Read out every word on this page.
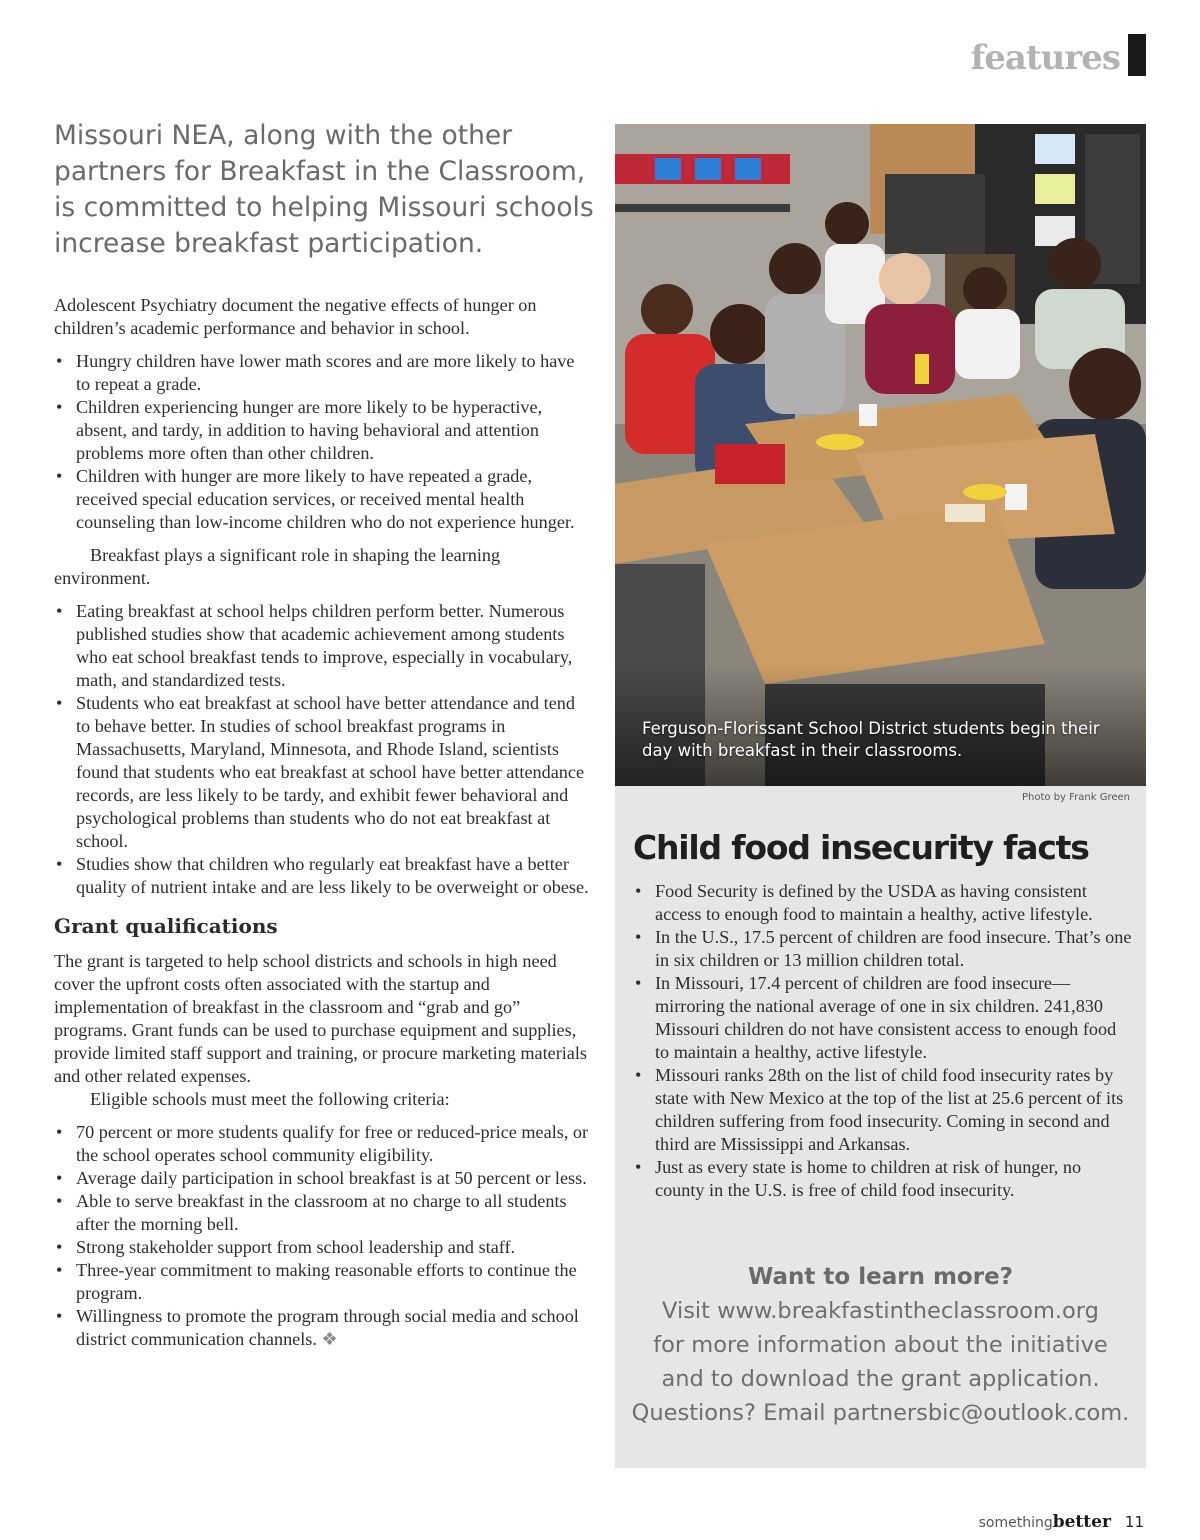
features
Missouri NEA, along with the other partners for Breakfast in the Classroom, is committed to helping Missouri schools increase breakfast participation.

Adolescent Psychiatry document the negative effects of hunger on children’s academic performance and behavior in school.

• Hungry children have lower math scores and are more likely to have to repeat a grade.
• Children experiencing hunger are more likely to be hyperactive, absent, and tardy, in addition to having behavioral and attention problems more often than other children.
• Children with hunger are more likely to have repeated a grade, received special education services, or received mental health counseling than low-income children who do not experience hunger.

Breakfast plays a significant role in shaping the learning environment.

• Eating breakfast at school helps children perform better. Numerous published studies show that academic achievement among students who eat school breakfast tends to improve, especially in vocabulary, math, and standardized tests.
• Students who eat breakfast at school have better attendance and tend to behave better. In studies of school breakfast programs in Massachusetts, Maryland, Minnesota, and Rhode Island, scientists found that students who eat breakfast at school have better attendance records, are less likely to be tardy, and exhibit fewer behavioral and psychological problems than students who do not eat breakfast at school.
• Studies show that children who regularly eat breakfast have a better quality of nutrient intake and are less likely to be overweight or obese.
Grant qualifications

The grant is targeted to help school districts and schools in high need cover the upfront costs often associated with the startup and implementation of breakfast in the classroom and “grab and go” programs. Grant funds can be used to purchase equipment and supplies, provide limited staff support and training, or procure marketing materials and other related expenses.

Eligible schools must meet the following criteria:

• 70 percent or more students qualify for free or reduced-price meals, or the school operates school community eligibility.
• Average daily participation in school breakfast is at 50 percent or less.
• Able to serve breakfast in the classroom at no charge to all students after the morning bell.
• Strong stakeholder support from school leadership and staff.
• Three-year commitment to making reasonable efforts to continue the program.
• Willingness to promote the program through social media and school district communication channels. ❖
Ferguson-Florissant School District students begin their day with breakfast in their classrooms.
Photo by Frank Green
Child food insecurity facts
• Food Security is defined by the USDA as having consistent access to enough food to maintain a healthy, active lifestyle.
• In the U.S., 17.5 percent of children are food insecure. That’s one in six children or 13 million children total.
• In Missouri, 17.4 percent of children are food insecure—mirroring the national average of one in six children. 241,830 Missouri children do not have consistent access to enough food to maintain a healthy, active lifestyle.
• Missouri ranks 28th on the list of child food insecurity rates by state with New Mexico at the top of the list at 25.6 percent of its children suffering from food insecurity. Coming in second and third are Mississippi and Arkansas.
• Just as every state is home to children at risk of hunger, no county in the U.S. is free of child food insecurity.
Want to learn more?
Visit www.breakfastintheclassroom.org
for more information about the initiative
and to download the grant application.
Questions? Email partnersbic@outlook.com.
somethingbetter 11
